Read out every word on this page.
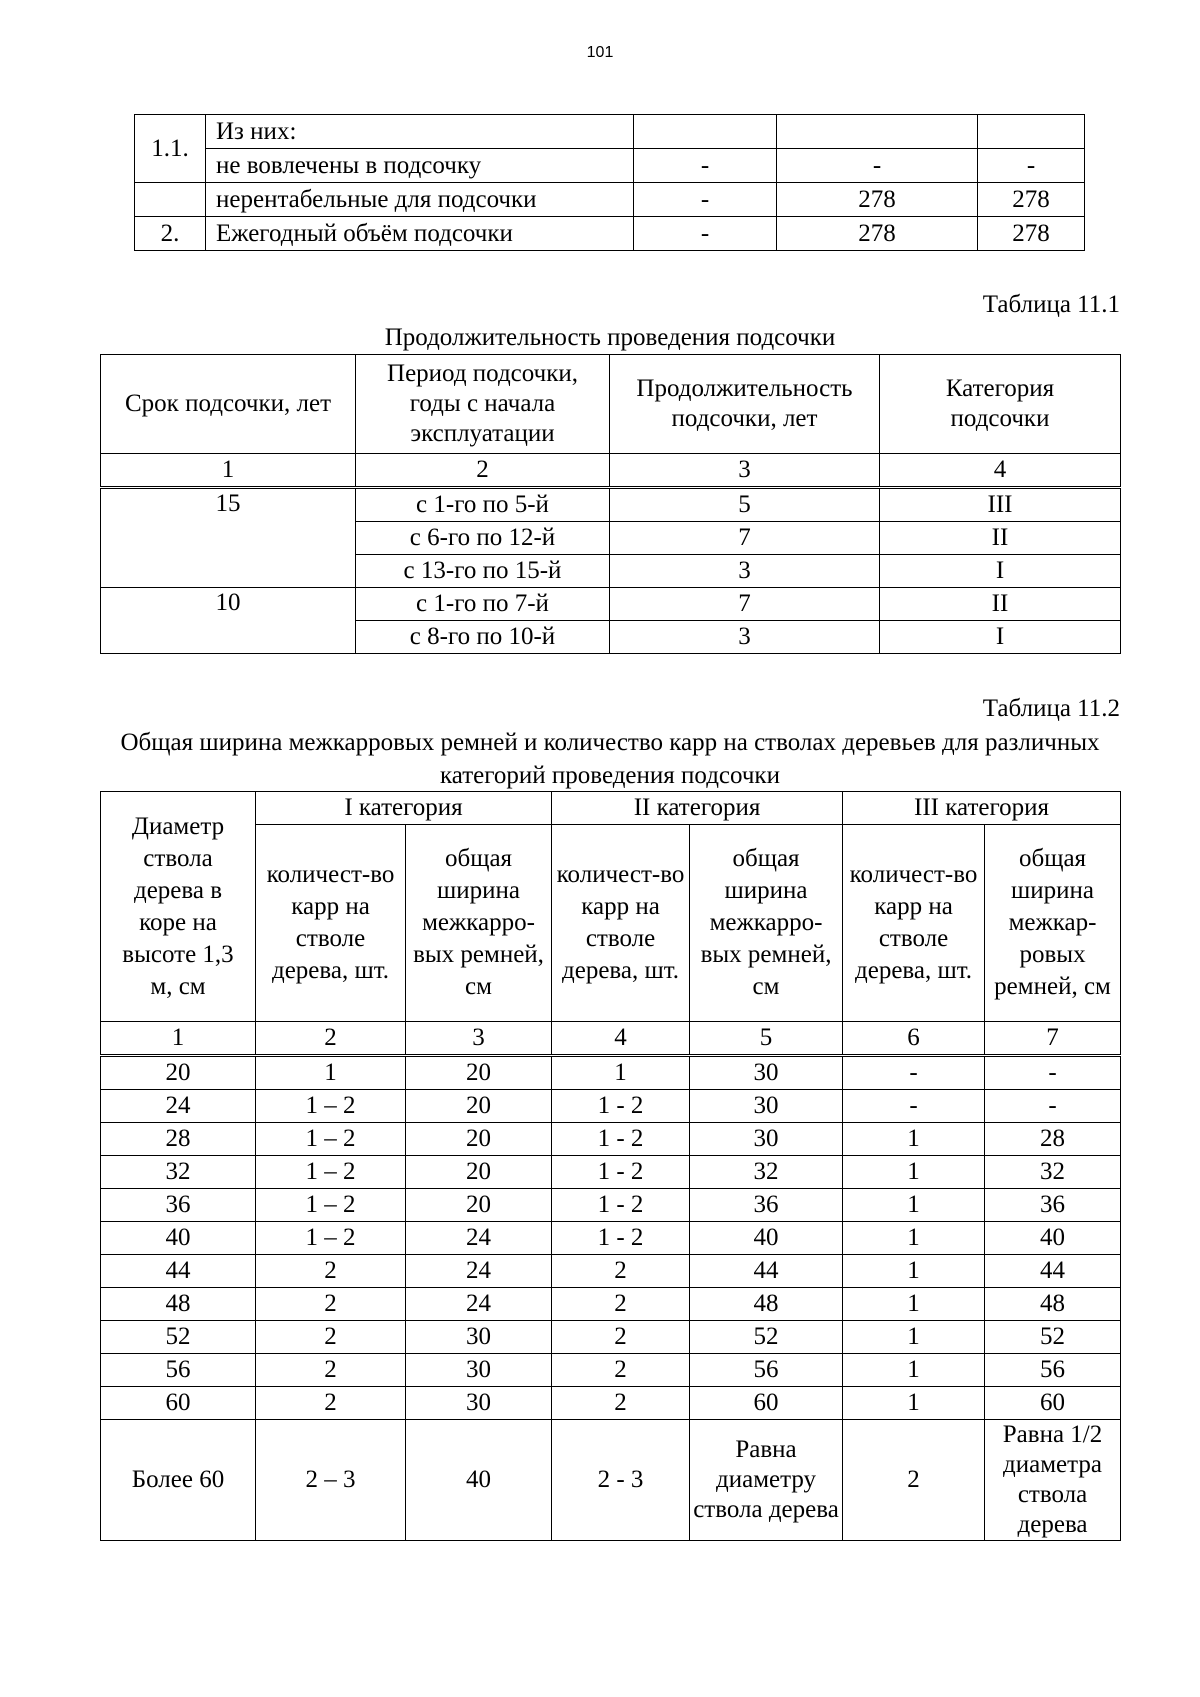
101
1.1.	Из них:			
	не вовлечены в подсочку	-	-	-
	нерентабельные для подсочки	-	278	278
2.	Ежегодный объём подсочки	-	278	278
Таблица 11.1
Продолжительность проведения подсочки
Срок подсочки, лет	Период подсочки, годы с начала эксплуатации	Продолжительность подсочки, лет	Категория подсочки
1	2	3	4
15	с 1-го по 5-й	5	III
	с 6-го по 12-й	7	II
	с 13-го по 15-й	3	I
10	с 1-го по 7-й	7	II
	с 8-го по 10-й	3	I
Таблица 11.2
Общая ширина межкарровых ремней и количество карр на стволах деревьев для различных категорий проведения подсочки
Диаметр ствола дерева в коре на высоте 1,3 м, см	I категория		II категория		III категория	
	количест-во карр на стволе дерева, шт.	общая ширина межкарро-вых ремней, см	количест-во карр на стволе дерева, шт.	общая ширина межкарро-вых ремней, см	количест-во карр на стволе дерева, шт.	общая ширина межкар-ровых ремней, см
1	2	3	4	5	6	7
20	1	20	1	30	-	-
24	1 – 2	20	1 - 2	30	-	-
28	1 – 2	20	1 - 2	30	1	28
32	1 – 2	20	1 - 2	32	1	32
36	1 – 2	20	1 - 2	36	1	36
40	1 – 2	24	1 - 2	40	1	40
44	2	24	2	44	1	44
48	2	24	2	48	1	48
52	2	30	2	52	1	52
56	2	30	2	56	1	56
60	2	30	2	60	1	60
Более 60	2 – 3	40	2 - 3	Равна диаметру ствола дерева	2	Равна 1/2 диаметра ствола дерева
